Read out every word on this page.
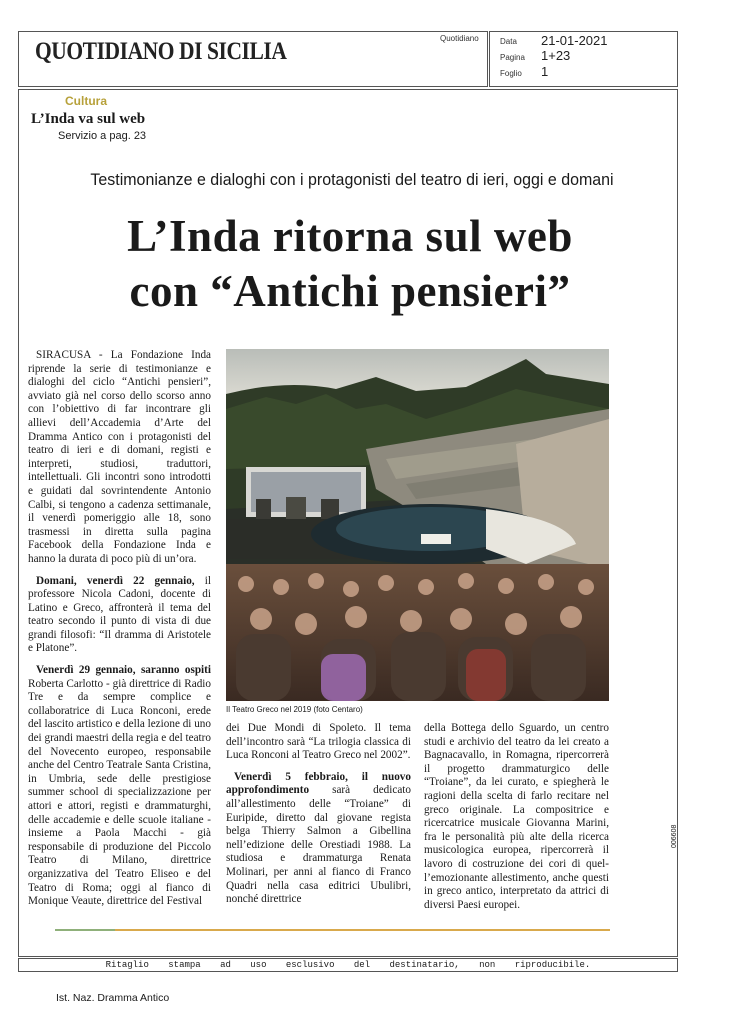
QUOTIDIANO DI SICILIA	Quotidiano	Data 21-01-2021
Pagina 1+23
Foglio 1
Cultura
L’Inda va sul web
Servizio a pag. 23
Testimonianze e dialoghi con i protagonisti del teatro di ieri, oggi e domani
L’Inda ritorna sul web
con “Antichi pensieri”

SIRACUSA - La Fondazione Inda riprende la serie di testimonianze e dialoghi del ciclo “Antichi pensieri”, avviato già nel corso dello scorso anno con l’obiettivo di far incontrare gli allievi dell’Accademia d’Arte del Dramma Antico con i protagonisti del teatro di ieri e di domani, registi e interpreti, studiosi, traduttori, intellettuali. Gli incontri sono introdotti e guidati dal sovrintendente Antonio Calbi, si tengono a cadenza settimanale, il venerdì pomeriggio alle 18, sono trasmessi in diretta sulla pagina Facebook della Fondazione Inda e hanno la durata di poco più di un’ora.

Domani, venerdì 22 gennaio, il professore Nicola Cadoni, docente di Latino e Greco, affronterà il tema del teatro secondo il punto di vista di due grandi filosofi: “Il dramma di Aristotele e Platone”.

Venerdì 29 gennaio, saranno ospiti Roberta Carlotto - già direttrice di Radio Tre e da sempre complice e collaboratrice di Luca Ronconi, erede del lascito artistico e della lezione di uno dei grandi maestri della regia e del teatro del Novecento europeo, responsabile anche del Centro Teatrale Santa Cristina, in Umbria, sede delle prestigiose summer school di specializzazione per attori e attori, registi e drammaturghi, delle accademie e delle scuole italiane - insieme a Paola Macchi - già responsabile di produzione del Piccolo Teatro di Milano, direttrice organizzativa del Teatro Eliseo e del Teatro di Roma; oggi al fianco di Monique Veaute, direttrice del Festival

Il Teatro Greco nel 2019 (foto Centaro)

dei Due Mondi di Spoleto. Il tema dell’incontro sarà “La trilogia classica di Luca Ronconi al Teatro Greco nel 2002”.

Venerdì 5 febbraio, il nuovo approfondimento sarà dedicato all’allestimento delle “Troiane” di Euripide, diretto dal giovane regista belga Thierry Salmon a Gibellina nell’edizione delle Orestiadi 1988. La studiosa e drammaturga Renata Molinari, per anni al fianco di Franco Quadri nella casa editrici Ubulibri, nonché direttrice

della Bottega dello Sguardo, un centro studi e archivio del teatro da lei creato a Bagnacavallo, in Romagna, ripercorrerà il progetto drammaturgico delle “Troiane”, da lei curato, e spiegherà le ragioni della scelta di farlo recitare nel greco originale. La compositrice e ricercatrice musicale Giovanna Marini, fra le personalità più alte della ricerca musicologica europea, ripercorrerà il lavoro di costruzione dei cori di quell’emozionante allestimento, anche questi in greco antico, interpretato da attrici di diversi Paesi europei.

Ritaglio stampa ad uso esclusivo del destinatario, non riproducibile.
006608
Ist. Naz. Dramma Antico
